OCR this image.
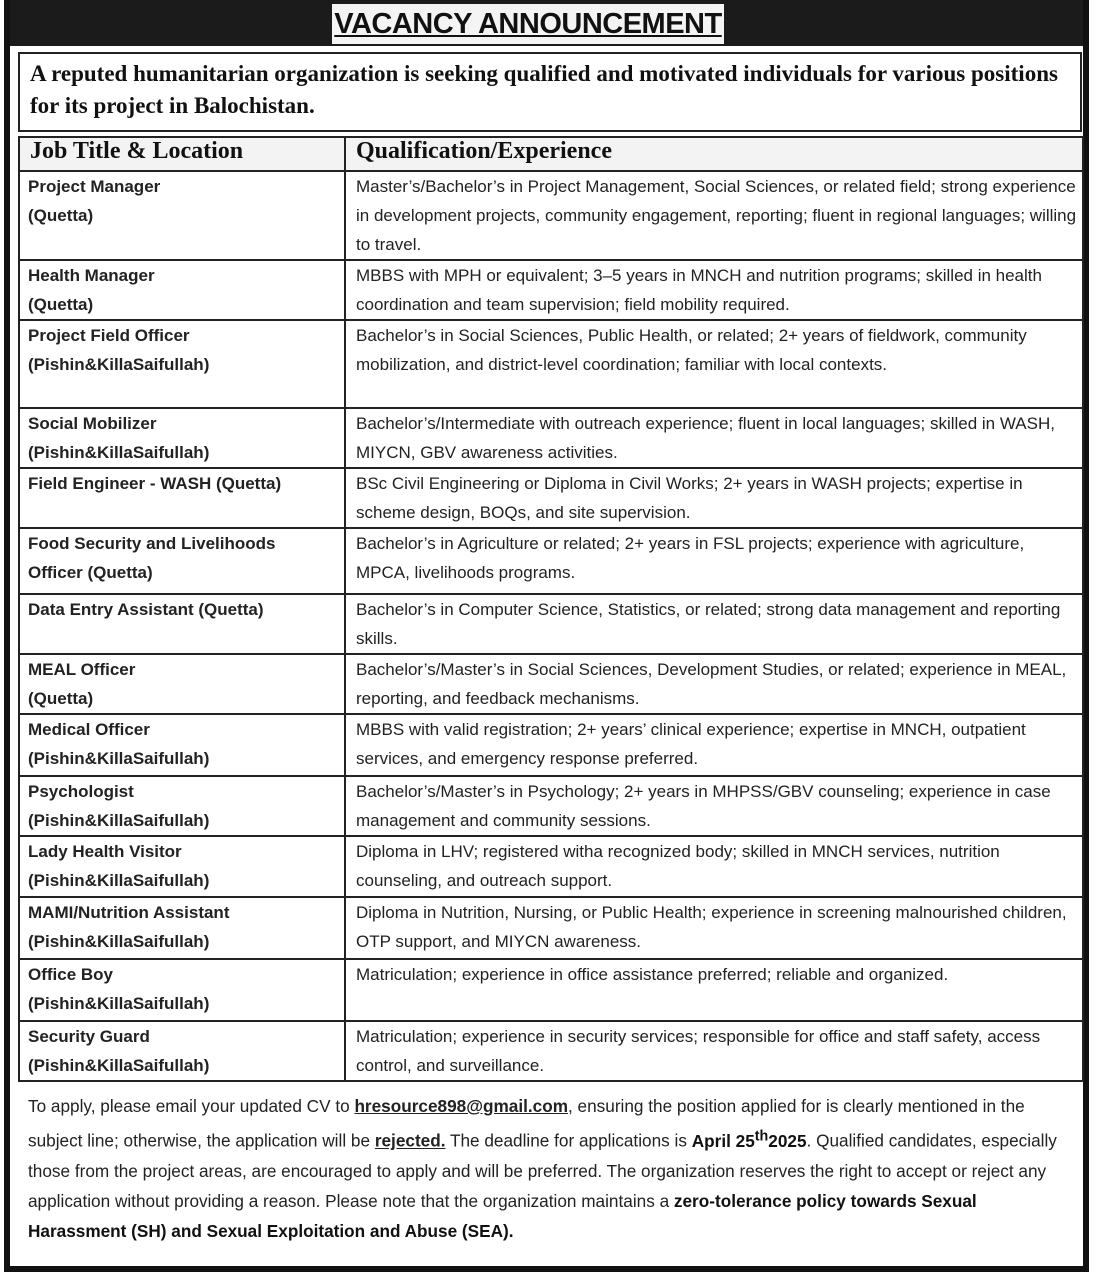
VACANCY ANNOUNCEMENT
A reputed humanitarian organization is seeking qualified and motivated individuals for various positions for its project in Balochistan.
Job Title & Location	Qualification/Experience

Project Manager
(Quetta)	Master’s/Bachelor’s in Project Management, Social Sciences, or related field; strong experience in development projects, community engagement, reporting; fluent in regional languages; willing to travel.

Health Manager
(Quetta)	MBBS with MPH or equivalent; 3–5 years in MNCH and nutrition programs; skilled in health coordination and team supervision; field mobility required.

Project Field Officer
(Pishin&KillaSaifullah)	Bachelor’s in Social Sciences, Public Health, or related; 2+ years of fieldwork, community mobilization, and district-level coordination; familiar with local contexts.

Social Mobilizer
(Pishin&KillaSaifullah)	Bachelor’s/Intermediate with outreach experience; fluent in local languages; skilled in WASH, MIYCN, GBV awareness activities.

Field Engineer - WASH (Quetta)	BSc Civil Engineering or Diploma in Civil Works; 2+ years in WASH projects; expertise in scheme design, BOQs, and site supervision.

Food Security and Livelihoods
Officer (Quetta)	Bachelor’s in Agriculture or related; 2+ years in FSL projects; experience with agriculture, MPCA, livelihoods programs.

Data Entry Assistant (Quetta)	Bachelor’s in Computer Science, Statistics, or related; strong data management and reporting skills.

MEAL Officer
(Quetta)	Bachelor’s/Master’s in Social Sciences, Development Studies, or related; experience in MEAL, reporting, and feedback mechanisms.

Medical Officer
(Pishin&KillaSaifullah)	MBBS with valid registration; 2+ years’ clinical experience; expertise in MNCH, outpatient services, and emergency response preferred.

Psychologist
(Pishin&KillaSaifullah)	Bachelor’s/Master’s in Psychology; 2+ years in MHPSS/GBV counseling; experience in case management and community sessions.

Lady Health Visitor
(Pishin&KillaSaifullah)	Diploma in LHV; registered witha recognized body; skilled in MNCH services, nutrition counseling, and outreach support.

MAMI/Nutrition Assistant
(Pishin&KillaSaifullah)	Diploma in Nutrition, Nursing, or Public Health; experience in screening malnourished children, OTP support, and MIYCN awareness.

Office Boy
(Pishin&KillaSaifullah)	Matriculation; experience in office assistance preferred; reliable and organized.

Security Guard
(Pishin&KillaSaifullah)	Matriculation; experience in security services; responsible for office and staff safety, access control, and surveillance.
To apply, please email your updated CV to hresource898@gmail.com, ensuring the position applied for is clearly mentioned in the subject line; otherwise, the application will be rejected. The deadline for applications is April 25th2025. Qualified candidates, especially those from the project areas, are encouraged to apply and will be preferred. The organization reserves the right to accept or reject any application without providing a reason. Please note that the organization maintains a zero-tolerance policy towards Sexual Harassment (SH) and Sexual Exploitation and Abuse (SEA).
